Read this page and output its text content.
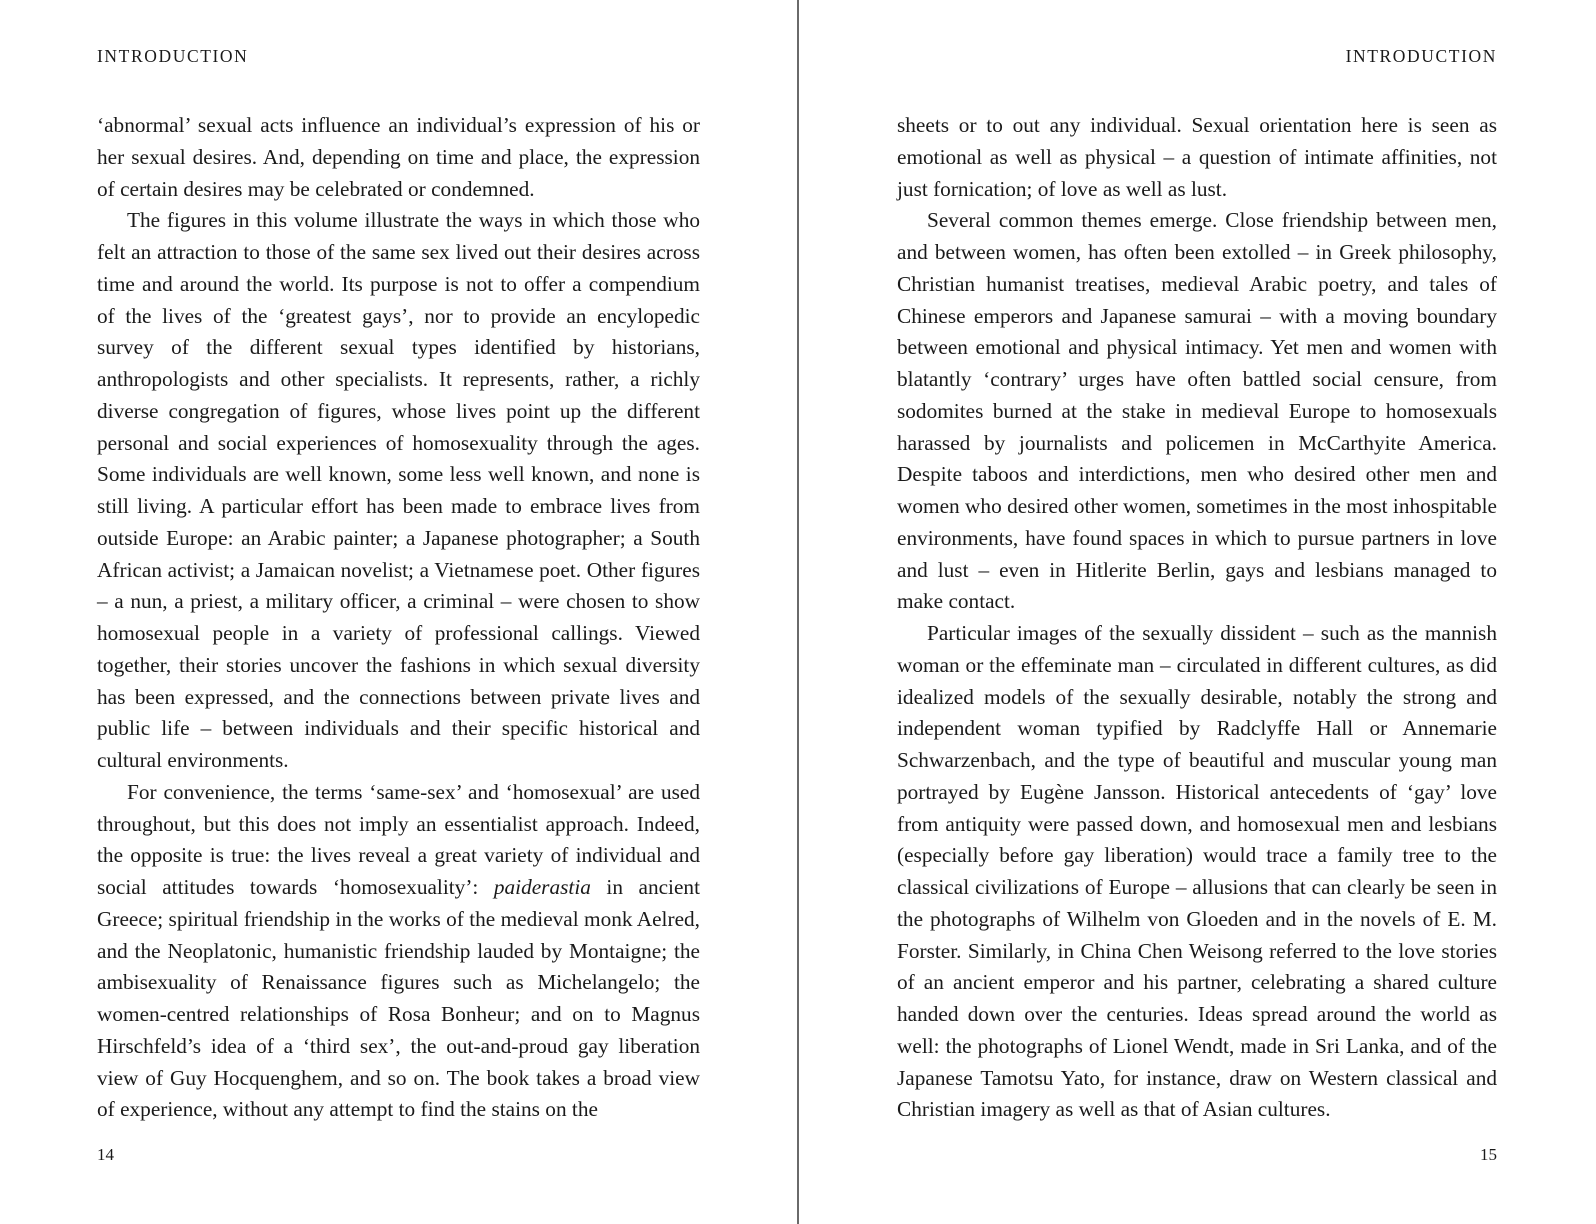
INTRODUCTION

‘abnormal’ sexual acts influence an individual’s expression of his or her sexual desires. And, depending on time and place, the expression of certain desires may be celebrated or condemned.

The figures in this volume illustrate the ways in which those who felt an attraction to those of the same sex lived out their desires across time and around the world. Its purpose is not to offer a compendium of the lives of the ‘greatest gays’, nor to provide an encylopedic survey of the different sexual types identified by historians, anthropologists and other specialists. It represents, rather, a richly diverse congregation of figures, whose lives point up the different personal and social experiences of homosexuality through the ages. Some individuals are well known, some less well known, and none is still living. A particular effort has been made to embrace lives from outside Europe: an Arabic painter; a Japanese photographer; a South African activist; a Jamaican novelist; a Vietnamese poet. Other figures – a nun, a priest, a military officer, a criminal – were chosen to show homosexual people in a variety of professional callings. Viewed together, their stories uncover the fashions in which sexual diversity has been expressed, and the connections between private lives and public life – between individuals and their specific historical and cultural environments.

For convenience, the terms ‘same-sex’ and ‘homosexual’ are used throughout, but this does not imply an essentialist approach. Indeed, the opposite is true: the lives reveal a great variety of individual and social attitudes towards ‘homosexuality’: paiderastia in ancient Greece; spiritual friendship in the works of the medieval monk Aelred, and the Neoplatonic, humanistic friendship lauded by Montaigne; the ambisexuality of Renaissance figures such as Michelangelo; the women-centred relationships of Rosa Bonheur; and on to Magnus Hirschfeld’s idea of a ‘third sex’, the out-and-proud gay liberation view of Guy Hocquenghem, and so on. The book takes a broad view of experience, without any attempt to find the stains on the

14
INTRODUCTION

sheets or to out any individual. Sexual orientation here is seen as emotional as well as physical – a question of intimate affinities, not just fornication; of love as well as lust.

Several common themes emerge. Close friendship between men, and between women, has often been extolled – in Greek philosophy, Christian humanist treatises, medieval Arabic poetry, and tales of Chinese emperors and Japanese samurai – with a moving boundary between emotional and physical intimacy. Yet men and women with blatantly ‘contrary’ urges have often battled social censure, from sodomites burned at the stake in medieval Europe to homosexuals harassed by journalists and policemen in McCarthyite America. Despite taboos and interdictions, men who desired other men and women who desired other women, sometimes in the most inhospitable environments, have found spaces in which to pursue partners in love and lust – even in Hitlerite Berlin, gays and lesbians managed to make contact.

Particular images of the sexually dissident – such as the mannish woman or the effeminate man – circulated in different cultures, as did idealized models of the sexually desirable, notably the strong and independent woman typified by Radclyffe Hall or Annemarie Schwarzenbach, and the type of beautiful and muscular young man portrayed by Eugène Jansson. Historical antecedents of ‘gay’ love from antiquity were passed down, and homosexual men and lesbians (especially before gay liberation) would trace a family tree to the classical civilizations of Europe – allusions that can clearly be seen in the photographs of Wilhelm von Gloeden and in the novels of E. M. Forster. Similarly, in China Chen Weisong referred to the love stories of an ancient emperor and his partner, celebrating a shared culture handed down over the centuries. Ideas spread around the world as well: the photographs of Lionel Wendt, made in Sri Lanka, and of the Japanese Tamotsu Yato, for instance, draw on Western classical and Christian imagery as well as that of Asian cultures.

15
